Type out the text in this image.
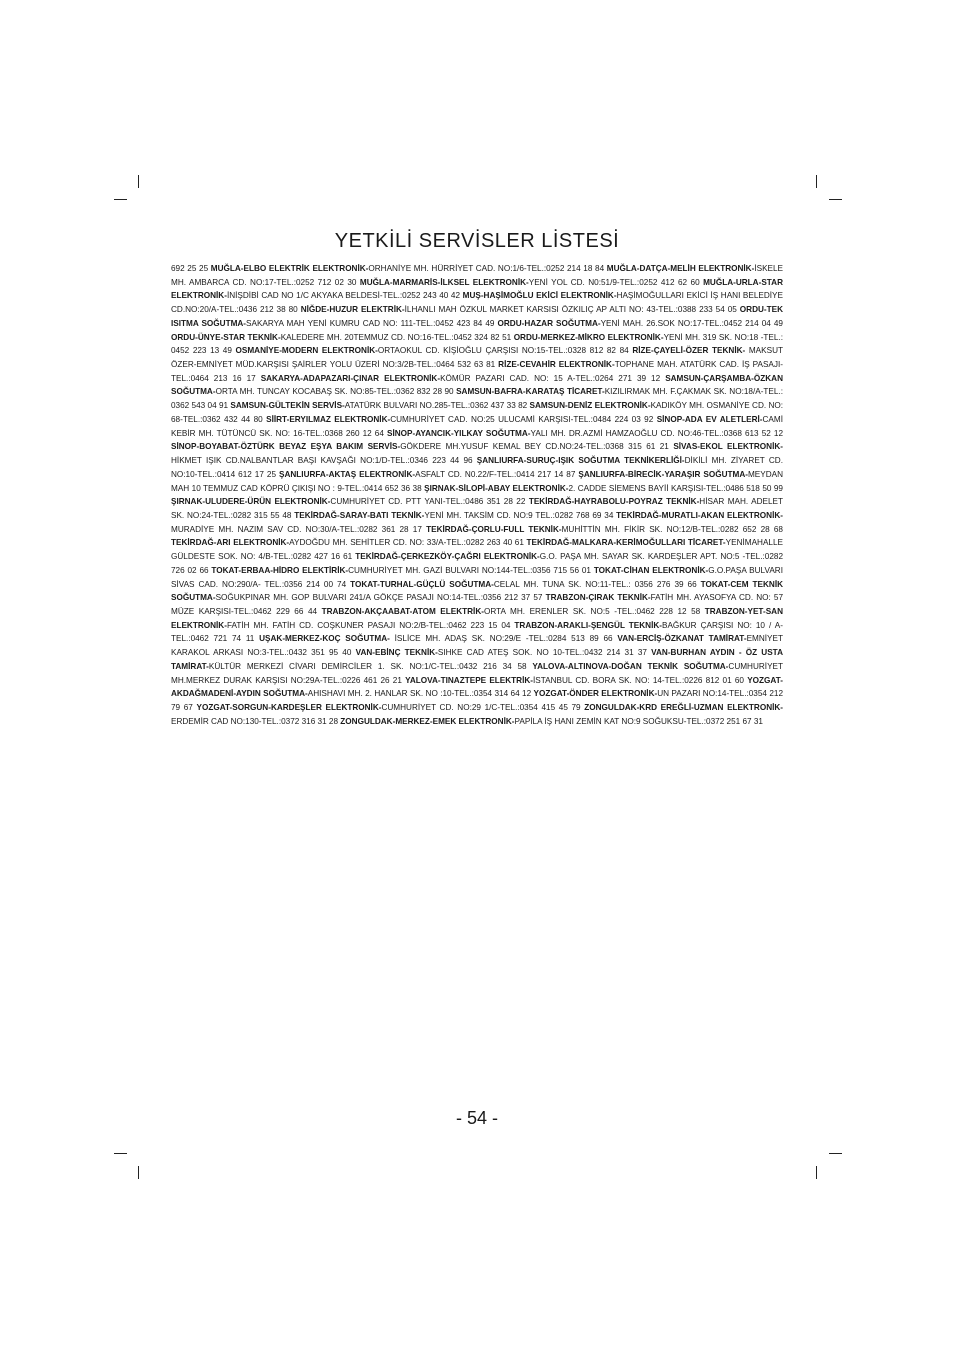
YETKİLİ SERVİSLER LİSTESİ

692 25 25 MUĞLA-ELBO ELEKTRİK ELEKTRONİK-ORHANİYE MH. HÜRRİYET CAD. NO:1/6-TEL.:0252 214 18 84 MUĞLA-DATÇA-MELİH ELEKTRONİK-İSKELE MH. AMBARCA CD. NO:17-TEL.:0252 712 02 30 MUĞLA-MARMARİS-İLKSEL ELEKTRONİK-YENİ YOL CD. N0:51/9-TEL.:0252 412 62 60 MUĞLA-URLA-STAR ELEKTRONİK-İNİŞDİBİ CAD NO 1/C AKYAKA BELDESİ-TEL.:0252 243 40 42 MUŞ-HAŞİMOĞLU EKİCİ ELEKTRONİK-HAŞİMOĞULLARI EKİCİ İŞ HANI BELEDİYE CD.NO:20/A-TEL.:0436 212 38 80 NİĞDE-HUZUR ELEKTRİK-İLHANLI MAH ÖZKUL MARKET KARSISI ÖZKILIÇ AP ALTI NO: 43-TEL.:0388 233 54 05 ORDU-TEK ISITMA SOĞUTMA-SAKARYA MAH YENİ KUMRU CAD NO: 111-TEL.:0452 423 84 49 ORDU-HAZAR SOĞUTMA-YENİ MAH. 26.SOK NO:17-TEL.:0452 214 04 49 ORDU-ÜNYE-STAR TEKNİK-KALEDERE MH. 20TEMMUZ CD. NO:16-TEL.:0452 324 82 51 ORDU-MERKEZ-MİKRO ELEKTRONİK-YENİ MH. 319 SK. NO:18 -TEL.: 0452 223 13 49 OSMANİYE-MODERN ELEKTRONİK-ORTAOKUL CD. KİŞİOĞLU ÇARŞISI NO:15-TEL.:0328 812 82 84 RİZE-ÇAYELİ-ÖZER TEKNİK- MAKSUT ÖZER-EMNİYET MÜD.KARŞISI ŞAİRLER YOLU ÜZERİ NO:3/2B-TEL.:0464 532 63 81 RİZE-CEVAHİR ELEKTRONİK-TOPHANE MAH. ATATÜRK CAD. İŞ PASAJI-TEL.:0464 213 16 17 SAKARYA-ADAPAZARI-ÇINAR ELEKTRONİK-KÖMÜR PAZARI CAD. NO: 15 A-TEL.:0264 271 39 12 SAMSUN-ÇARŞAMBA-ÖZKAN SOĞUTMA-ORTA MH. TUNCAY KOCABAŞ SK. NO:85-TEL.:0362 832 28 90 SAMSUN-BAFRA-KARATAŞ TİCARET-KIZILIRMAK MH. F.ÇAKMAK SK. NO:18/A-TEL.: 0362 543 04 91 SAMSUN-GÜLTEKİN SERVİS-ATATÜRK BULVARI NO.285-TEL.:0362 437 33 82 SAMSUN-DENİZ ELEKTRONİK-KADIKÖY MH. OSMANİYE CD. NO: 68-TEL.:0362 432 44 80 SİİRT-ERYILMAZ ELEKTRONİK-CUMHURİYET CAD. NO:25 ULUCAMİ KARŞISI-TEL.:0484 224 03 92 SİNOP-ADA EV ALETLERİ-CAMİ KEBİR MH. TÜTÜNCÜ SK. NO: 16-TEL.:0368 260 12 64 SİNOP-AYANCIK-YILKAY SOĞUTMA-YALI MH. DR.AZMİ HAMZAOĞLU CD. NO:46-TEL.:0368 613 52 12 SİNOP-BOYABAT-ÖZTÜRK BEYAZ EŞYA BAKIM SERVİS-GÖKDERE MH.YUSUF KEMAL BEY CD.NO:24-TEL.:0368 315 61 21 SİVAS-EKOL ELEKTRONİK-HİKMET IŞIK CD.NALBANTLAR BAŞI KAVŞAĞI NO:1/D-TEL.:0346 223 44 96 ŞANLIURFA-SURUÇ-IŞIK SOĞUTMA TEKNİKERLİĞİ-DİKİLİ MH. ZİYARET CD. NO:10-TEL.:0414 612 17 25 ŞANLIURFA-AKTAŞ ELEKTRONİK-ASFALT CD. N0.22/F-TEL.:0414 217 14 87 ŞANLIURFA-BİRECİK-YARAŞIR SOĞUTMA-MEYDAN MAH 10 TEMMUZ CAD KÖPRÜ ÇIKIŞI NO : 9-TEL.:0414 652 36 38 ŞIRNAK-SİLOPİ-ABAY ELEKTRONİK-2. CADDE SİEMENS BAYİİ KARŞISI-TEL.:0486 518 50 99 ŞIRNAK-ULUDERE-ÜRÜN ELEKTRONİK-CUMHURİYET CD. PTT YANI-TEL.:0486 351 28 22 TEKİRDAĞ-HAYRABOLU-POYRAZ TEKNİK-HİSAR MAH. ADELET SK. NO:24-TEL.:0282 315 55 48 TEKİRDAĞ-SARAY-BATI TEKNİK-YENİ MH. TAKSİM CD. NO:9 TEL.:0282 768 69 34 TEKİRDAĞ-MURATLI-AKAN ELEKTRONİK-MURADİYE MH. NAZIM SAV CD. NO:30/A-TEL.:0282 361 28 17 TEKİRDAĞ-ÇORLU-FULL TEKNİK-MUHİTTİN MH. FİKİR SK. NO:12/B-TEL.:0282 652 28 68 TEKİRDAĞ-ARI ELEKTRONİK-AYDOĞDU MH. SEHİTLER CD. NO: 33/A-TEL.:0282 263 40 61 TEKİRDAĞ-MALKARA-KERİMOĞULLARI TİCARET-YENİMAHALLE GÜLDESTE SOK. NO: 4/B-TEL.:0282 427 16 61 TEKİRDAĞ-ÇERKEZKÖY-ÇAĞRI ELEKTRONİK-G.O. PAŞA MH. SAYAR SK. KARDEŞLER APT. NO:5 -TEL.:0282 726 02 66 TOKAT-ERBAA-HİDRO ELEKTİRİK-CUMHURİYET MH. GAZİ BULVARI NO:144-TEL.:0356 715 56 01 TOKAT-CİHAN ELEKTRONİK-G.O.PAŞA BULVARI SİVAS CAD. NO:290/A- TEL.:0356 214 00 74 TOKAT-TURHAL-GÜÇLÜ SOĞUTMA-CELAL MH. TUNA SK. NO:11-TEL.: 0356 276 39 66 TOKAT-CEM TEKNİK SOĞUTMA-SOĞUKPINAR MH. GOP BULVARI 241/A GÖKÇE PASAJI NO:14-TEL.:0356 212 37 57 TRABZON-ÇIRAK TEKNİK-FATİH MH. AYASOFYA CD. NO: 57 MÜZE KARŞISI-TEL.:0462 229 66 44 TRABZON-AKÇAABAT-ATOM ELEKTRİK-ORTA MH. ERENLER SK. NO:5 -TEL.:0462 228 12 58 TRABZON-YET-SAN ELEKTRONİK-FATİH MH. FATİH CD. COŞKUNER PASAJI NO:2/B-TEL.:0462 223 15 04 TRABZON-ARAKLI-ŞENGÜL TEKNİK-BAĞKUR ÇARŞISI NO: 10 / A-TEL.:0462 721 74 11 UŞAK-MERKEZ-KOÇ SOĞUTMA- İSLİCE MH. ADAŞ SK. NO:29/E -TEL.:0284 513 89 66 VAN-ERCİŞ-ÖZKANAT TAMİRAT-EMNİYET KARAKOL ARKASI NO:3-TEL.:0432 351 95 40 VAN-EBİNÇ TEKNİK-SIHKE CAD ATEŞ SOK. NO 10-TEL.:0432 214 31 37 VAN-BURHAN AYDIN - ÖZ USTA TAMİRAT-KÜLTÜR MERKEZİ CİVARI DEMİRCİLER 1. SK. NO:1/C-TEL.:0432 216 34 58 YALOVA-ALTINOVA-DOĞAN TEKNİK SOĞUTMA-CUMHURİYET MH.MERKEZ DURAK KARŞISI NO:29A-TEL.:0226 461 26 21 YALOVA-TINAZTEPE ELEKTRİK-İSTANBUL CD. BORA SK. NO: 14-TEL.:0226 812 01 60 YOZGAT-AKDAĞMADENİ-AYDIN SOĞUTMA-AHISHAVI MH. 2. HANLAR SK. NO :10-TEL.:0354 314 64 12 YOZGAT-ÖNDER ELEKTRONİK-UN PAZARI NO:14-TEL.:0354 212 79 67 YOZGAT-SORGUN-KARDEŞLER ELEKTRONİK-CUMHURİYET CD. NO:29 1/C-TEL.:0354 415 45 79 ZONGULDAK-KRD EREĞLİ-UZMAN ELEKTRONİK-ERDEMİR CAD NO:130-TEL.:0372 316 31 28 ZONGULDAK-MERKEZ-EMEK ELEKTRONİK-PAPİLA İŞ HANI ZEMİN KAT NO:9 SOĞUKSU-TEL.:0372 251 67 31

- 54 -
